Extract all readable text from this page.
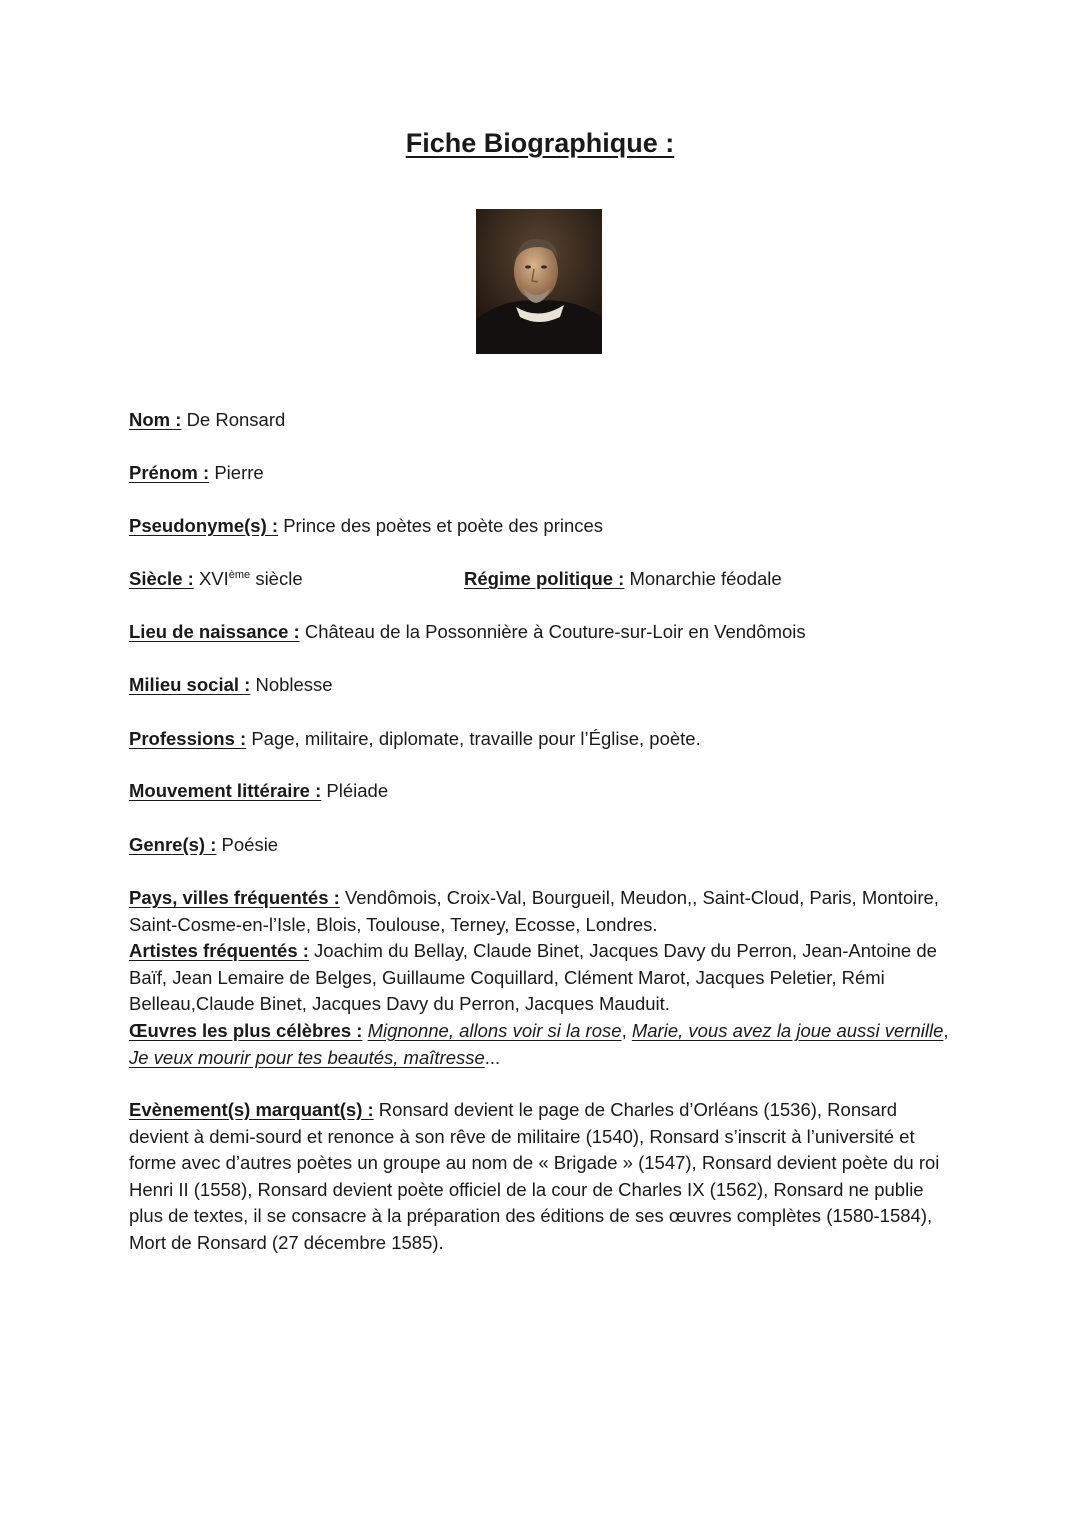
Fiche Biographique :
Nom : De Ronsard
Prénom : Pierre
Pseudonyme(s) : Prince des poètes et poète des princes
Siècle : XVIème siècle	Régime politique : Monarchie féodale
Lieu de naissance : Château de la Possonnière à Couture-sur-Loir en Vendômois
Milieu social : Noblesse
Professions : Page, militaire, diplomate, travaille pour l’Église, poète.
Mouvement littéraire : Pléiade
Genre(s) : Poésie
Pays, villes fréquentés : Vendômois, Croix-Val, Bourgueil, Meudon,, Saint-Cloud, Paris, Montoire, Saint-Cosme-en-l’Isle, Blois, Toulouse, Terney, Ecosse, Londres.
Artistes fréquentés : Joachim du Bellay, Claude Binet, Jacques Davy du Perron, Jean-Antoine de Baïf, Jean Lemaire de Belges, Guillaume Coquillard, Clément Marot, Jacques Peletier, Rémi Belleau,Claude Binet, Jacques Davy du Perron, Jacques Mauduit.
Œuvres les plus célèbres : Mignonne, allons voir si la rose, Marie, vous avez la joue aussi vernille, Je veux mourir pour tes beautés, maîtresse...
Evènement(s) marquant(s) : Ronsard devient le page de Charles d’Orléans (1536), Ronsard devient à demi-sourd et renonce à son rêve de militaire (1540), Ronsard s’inscrit à l’université et forme avec d’autres poètes un groupe au nom de « Brigade » (1547), Ronsard devient poète du roi Henri II (1558), Ronsard devient poète officiel de la cour de Charles IX (1562), Ronsard ne publie plus de textes, il se consacre à la préparation des éditions de ses œuvres complètes (1580-1584), Mort de Ronsard (27 décembre 1585).
